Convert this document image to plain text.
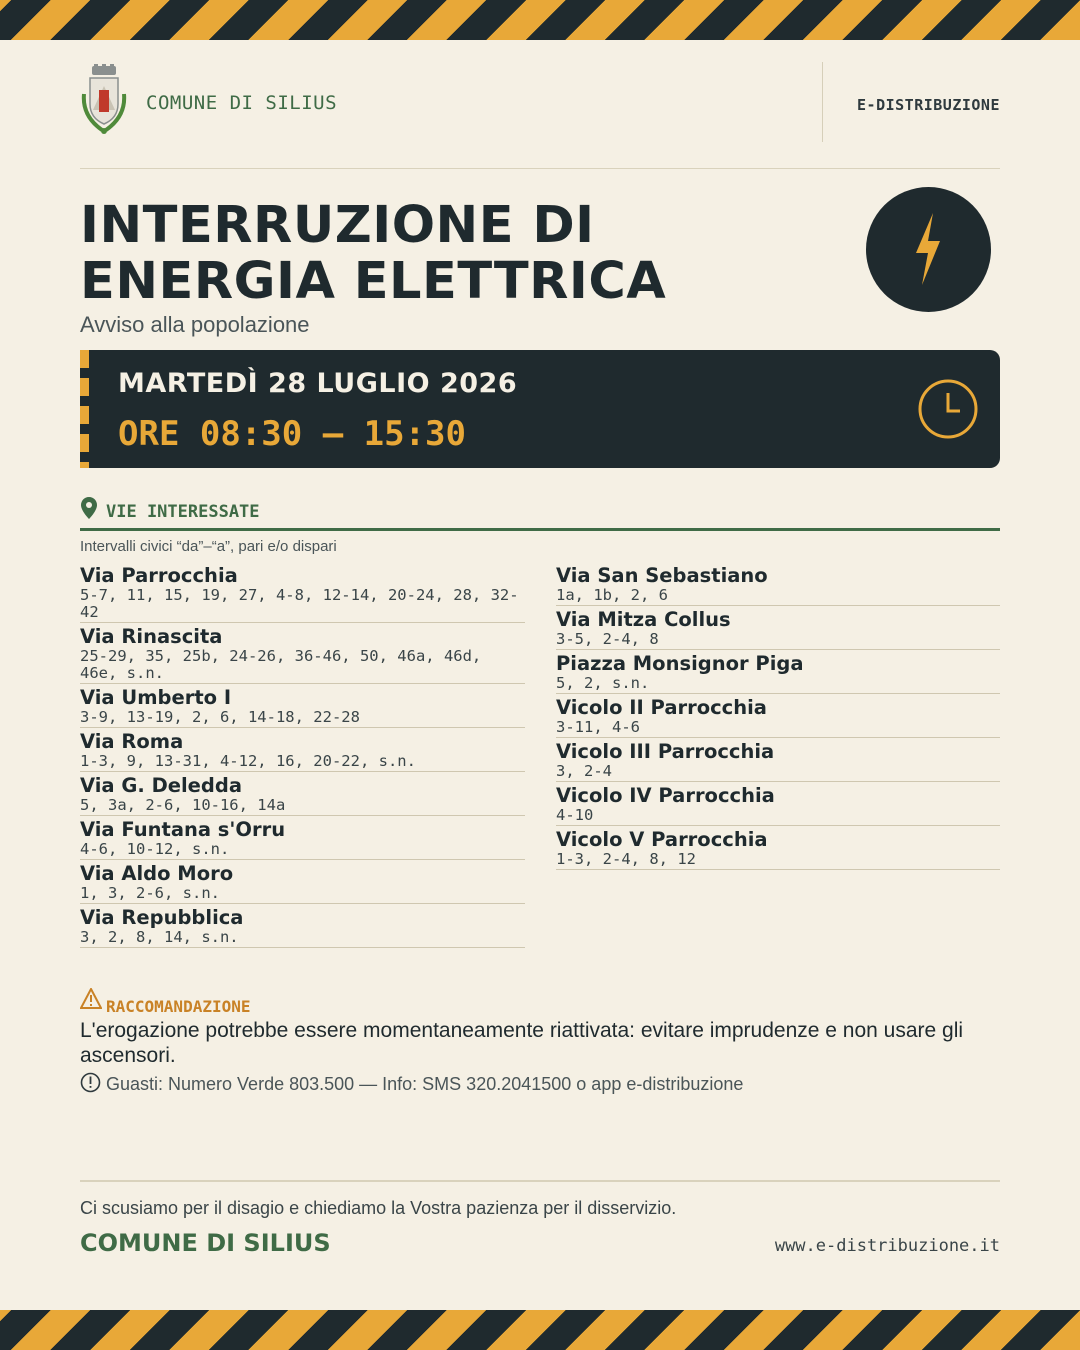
COMUNE DI SILIUS	E-DISTRIBUZIONE
INTERRUZIONE DI
ENERGIA ELETTRICA
Avviso alla popolazione
MARTEDÌ 28 LUGLIO 2026
ORE 08:30 — 15:30
VIE INTERESSATE
Intervalli civici “da”–“a”, pari e/o dispari
Via Parrocchia
5-7, 11, 15, 19, 27, 4-8, 12-14, 20-24, 28, 32-42
Via Rinascita
25-29, 35, 25b, 24-26, 36-46, 50, 46a, 46d, 46e, s.n.
Via Umberto I
3-9, 13-19, 2, 6, 14-18, 22-28
Via Roma
1-3, 9, 13-31, 4-12, 16, 20-22, s.n.
Via G. Deledda
5, 3a, 2-6, 10-16, 14a
Via Funtana s'Orru
4-6, 10-12, s.n.
Via Aldo Moro
1, 3, 2-6, s.n.
Via Repubblica
3, 2, 8, 14, s.n.
Via San Sebastiano
1a, 1b, 2, 6
Via Mitza Collus
3-5, 2-4, 8
Piazza Monsignor Piga
5, 2, s.n.
Vicolo II Parrocchia
3-11, 4-6
Vicolo III Parrocchia
3, 2-4
Vicolo IV Parrocchia
4-10
Vicolo V Parrocchia
1-3, 2-4, 8, 12
RACCOMANDAZIONE
L'erogazione potrebbe essere momentaneamente riattivata: evitare imprudenze e non usare gli ascensori.
Guasti: Numero Verde 803.500 — Info: SMS 320.2041500 o app e-distribuzione
Ci scusiamo per il disagio e chiediamo la Vostra pazienza per il disservizio.
COMUNE DI SILIUS	www.e-distribuzione.it
